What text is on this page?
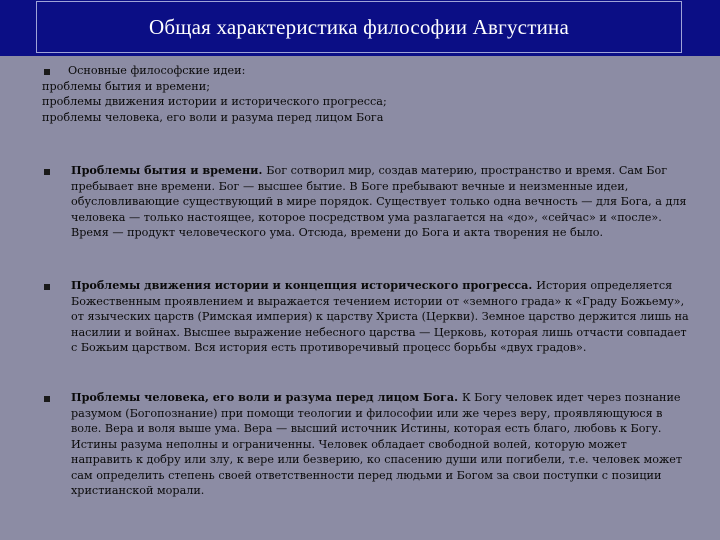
Общая характеристика философии Августина
Основные философские идеи:
проблемы бытия и времени;
проблемы движения истории и исторического прогресса;
проблемы человека, его воли и разума перед лицом Бога
Проблемы бытия и времени. Бог сотворил мир, создав материю, пространство и время. Сам Бог пребывает вне времени. Бог — высшее бытие. В Боге пребывают вечные и неизменные идеи, обусловливающие существующий в мире порядок. Существует только одна вечность — для Бога, а для человека — только настоящее, которое посредством ума разлагается на «до», «сейчас» и «после». Время — продукт человеческого ума. Отсюда, времени до Бога и акта творения не было.
Проблемы движения истории и концепция исторического прогресса. История определяется Божественным проявлением и выражается течением истории от «земного града» к «Граду Божьему», от языческих царств (Римская империя) к царству Христа (Церкви). Земное царство держится лишь на насилии и войнах. Высшее выражение небесного царства — Церковь, которая лишь отчасти совпадает с Божьим царством. Вся история есть противоречивый процесс борьбы «двух градов».
Проблемы человека, его воли и разума перед лицом Бога. К Богу человек идет через познание разумом (Богопознание) при помощи теологии и философии или же через веру, проявляющуюся в воле. Вера и воля выше ума. Вера — высший источник Истины, которая есть благо, любовь к Богу. Истины разума неполны и ограниченны. Человек обладает свободной волей, которую может направить к добру или злу, к вере или безверию, ко спасению души или погибели, т.е. человек может сам определить степень своей ответственности перед людьми и Богом за свои поступки с позиции христианской морали.
